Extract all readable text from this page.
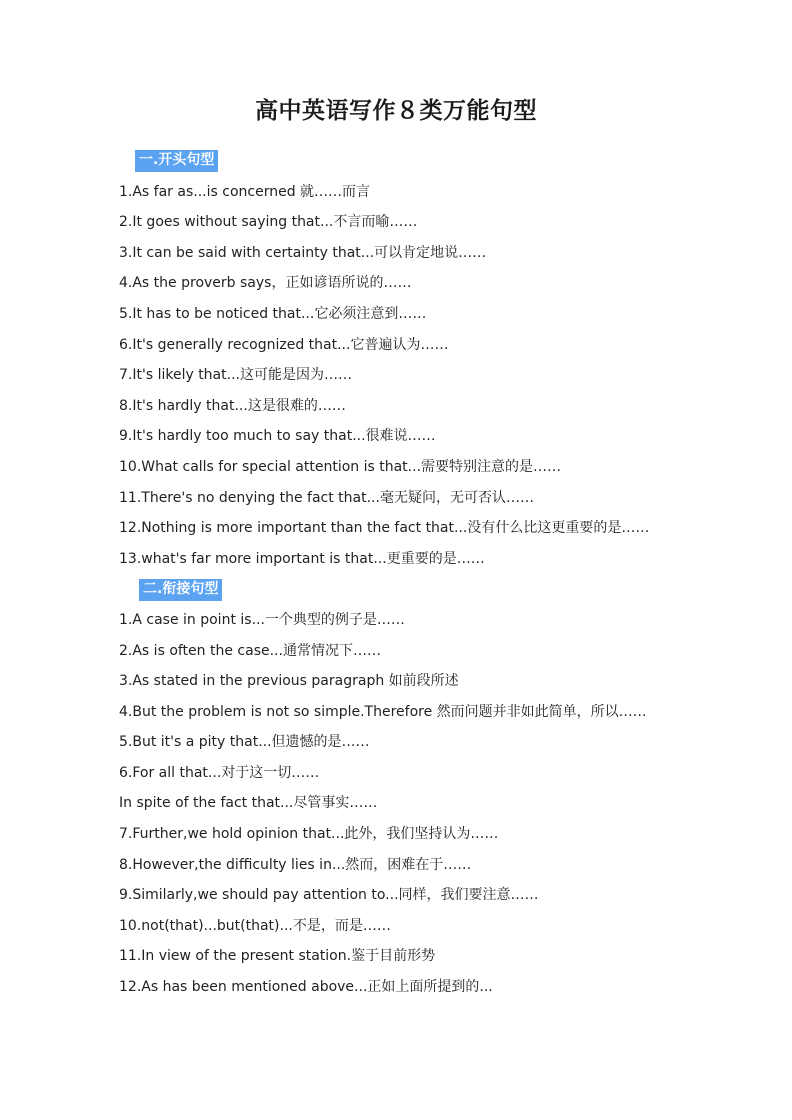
高中英语写作８类万能句型
一.开头句型
1.As far as...is concerned 就……而言
2.It goes without saying that...不言而喻……
3.It can be said with certainty that...可以肯定地说……
4.As the proverb says，正如谚语所说的……
5.It has to be noticed that...它必须注意到……
6.It's generally recognized that...它普遍认为……
7.It's likely that...这可能是因为……
8.It's hardly that...这是很难的……
9.It's hardly too much to say that...很难说……
10.What calls for special attention is that...需要特别注意的是……
11.There's no denying the fact that...毫无疑问，无可否认……
12.Nothing is more important than the fact that...没有什么比这更重要的是……
13.what's far more important is that...更重要的是……
二.衔接句型
1.A case in point is...一个典型的例子是……
2.As is often the case...通常情况下……
3.As stated in the previous paragraph 如前段所述
4.But the problem is not so simple.Therefore 然而问题并非如此简单，所以……
5.But it's a pity that...但遗憾的是……
6.For all that...对于这一切……
In spite of the fact that...尽管事实……
7.Further,we hold opinion that...此外，我们坚持认为……
8.However,the difficulty lies in...然而，困难在于……
9.Similarly,we should pay attention to...同样，我们要注意……
10.not(that)...but(that)...不是，而是……
11.In view of the present station.鉴于目前形势
12.As has been mentioned above...正如上面所提到的...
